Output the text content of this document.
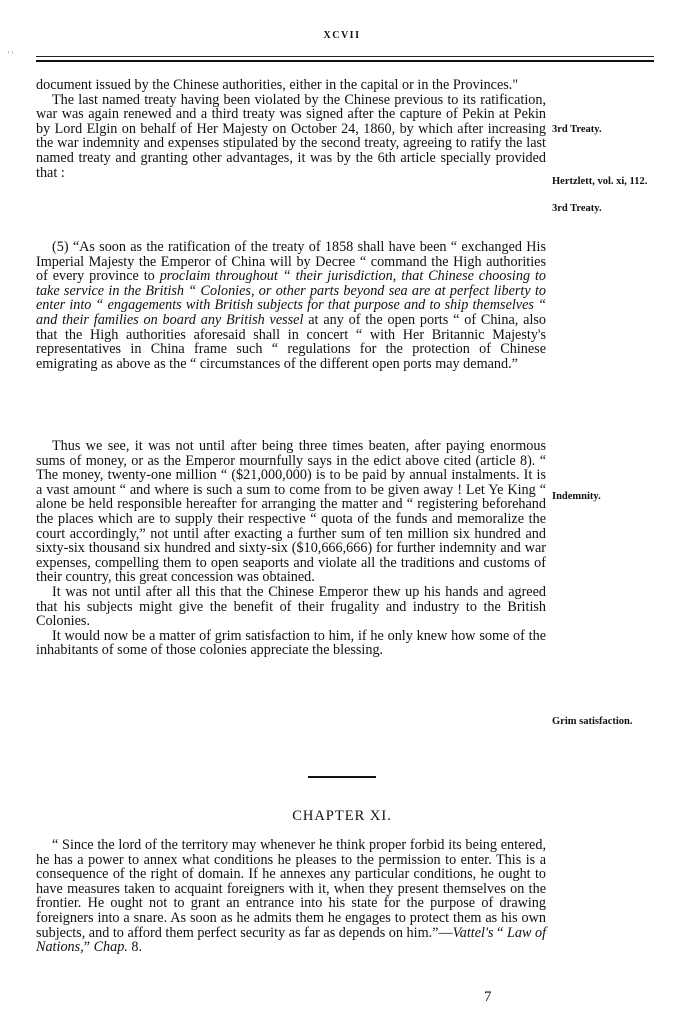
XCVII
' '

document issued by the Chinese authorities, either in the capital or in the Provinces."

The last named treaty having been violated by the Chinese previous to its ratification, war was again renewed and a third treaty was signed after the capture of Pekin at Pekin by Lord Elgin on behalf of Her Majesty on October 24, 1860, by which after increasing the war indemnity and expenses stipulated by the second treaty, agreeing to ratify the last named treaty and granting other advantages, it was by the 6th article specially provided that :

(5) “As soon as the ratification of the treaty of 1858 shall have been “ exchanged His Imperial Majesty the Emperor of China will by Decree “ command the High authorities of every province to proclaim throughout “ their jurisdiction, that Chinese choosing to take service in the British “ Colonies, or other parts beyond sea are at perfect liberty to enter into “ engagements with British subjects for that purpose and to ship themselves “ and their families on board any British vessel at any of the open ports “ of China, also that the High authorities aforesaid shall in concert “ with Her Britannic Majesty's representatives in China frame such “ regulations for the protection of Chinese emigrating as above as the “ circumstances of the different open ports may demand.”

Thus we see, it was not until after being three times beaten, after paying enormous sums of money, or as the Emperor mournfully says in the edict above cited (article 8). “ The money, twenty-one million “ ($21,000,000) is to be paid by annual instalments. It is a vast amount “ and where is such a sum to come from to be given away ! Let Ye King “ alone be held responsible hereafter for arranging the matter and “ registering beforehand the places which are to supply their respective “ quota of the funds and memoralize the court accordingly,” not until after exacting a further sum of ten million six hundred and sixty-six thousand six hundred and sixty-six ($10,666,666) for further indemnity and war expenses, compelling them to open seaports and violate all the traditions and customs of their country, this great concession was obtained.

It was not until after all this that the Chinese Emperor thew up his hands and agreed that his subjects might give the benefit of their frugality and industry to the British Colonies.

It would now be a matter of grim satisfaction to him, if he only knew how some of the inhabitants of some of those colonies appreciate the blessing.

3rd Treaty.
Hertzlett, vol. xi, 112.
3rd Treaty.
Indemnity.
Grim satisfaction.
CHAPTER XI.

“ Since the lord of the territory may whenever he think proper forbid its being entered, he has a power to annex what conditions he pleases to the permission to enter. This is a consequence of the right of domain. If he annexes any particular conditions, he ought to have measures taken to acquaint foreigners with it, when they present themselves on the frontier. He ought not to grant an entrance into his state for the purpose of drawing foreigners into a snare. As soon as he admits them he engages to protect them as his own subjects, and to afford them perfect security as far as depends on him.”—Vattel's “ Law of Nations,” Chap. 8.

7
